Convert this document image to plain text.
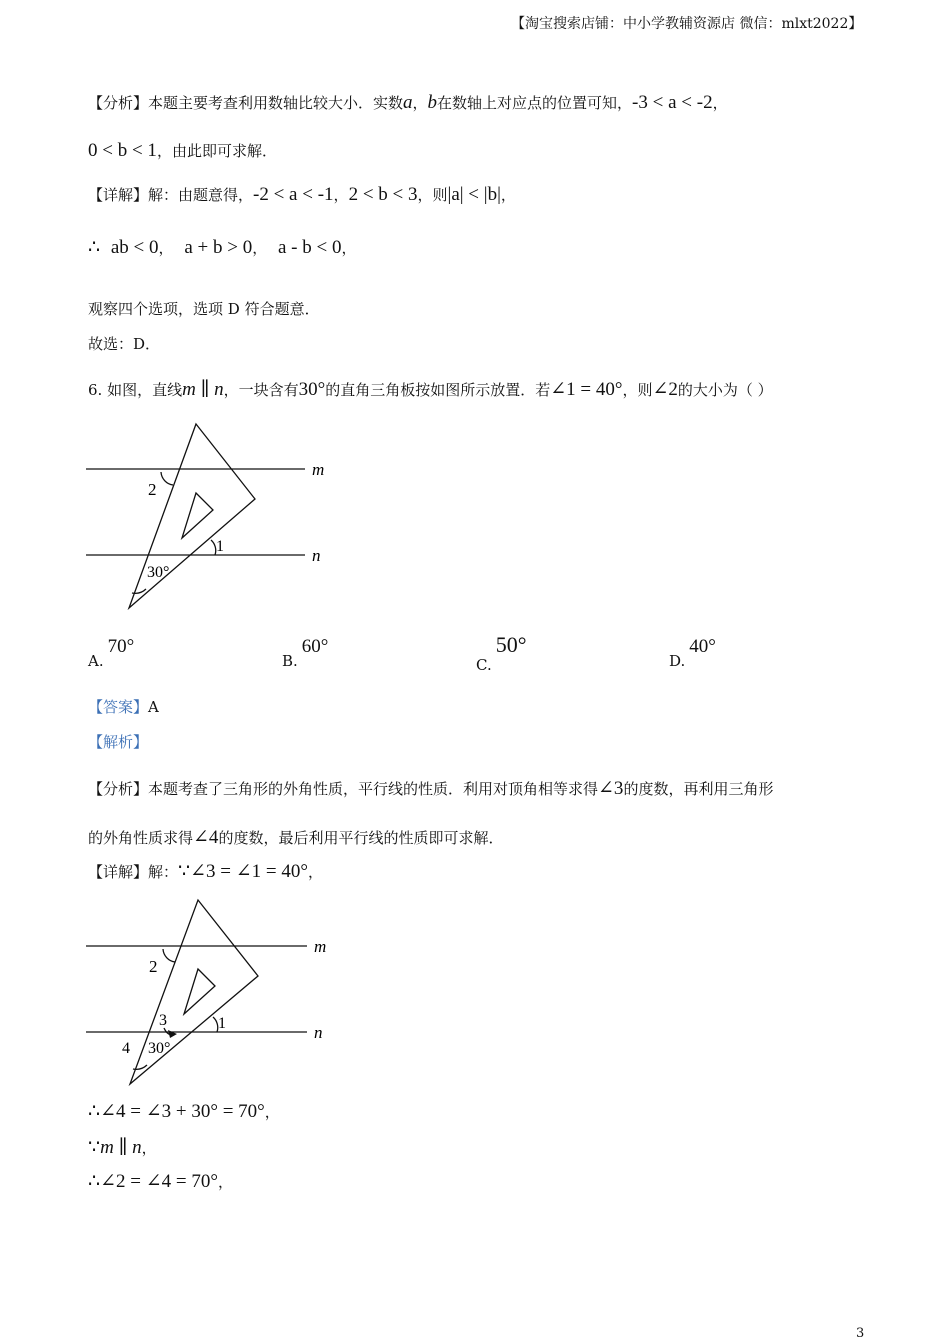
【淘宝搜索店铺：中小学教辅资源店 微信：mlxt2022】
【分析】本题主要考查利用数轴比较大小．实数a，b在数轴上对应点的位置可知，-3 < a < -2，
0 < b < 1，由此即可求解．
【详解】解：由题意得，-2 < a < -1，2 < b < 3，则|a| < |b|，
∴ ab < 0， a + b > 0， a - b < 0，
观察四个选项，选项 D 符合题意．
故选：D．
6. 如图，直线m ∥ n，一块含有30°的直角三角板按如图所示放置．若∠1 = 40°，则∠2的大小为（ ）
m
n
2
1
30°
A.70°
B.60°
C.50°
D.40°
【答案】A
【解析】
【分析】本题考查了三角形的外角性质，平行线的性质．利用对顶角相等求得∠3的度数，再利用三角形
的外角性质求得∠4的度数，最后利用平行线的性质即可求解．
【详解】解：∵∠3 = ∠1 = 40°，
m
n
2
1
3
4 30°
∴∠4 = ∠3 + 30° = 70°，
∵m ∥ n，
∴∠2 = ∠4 = 70°，
3
